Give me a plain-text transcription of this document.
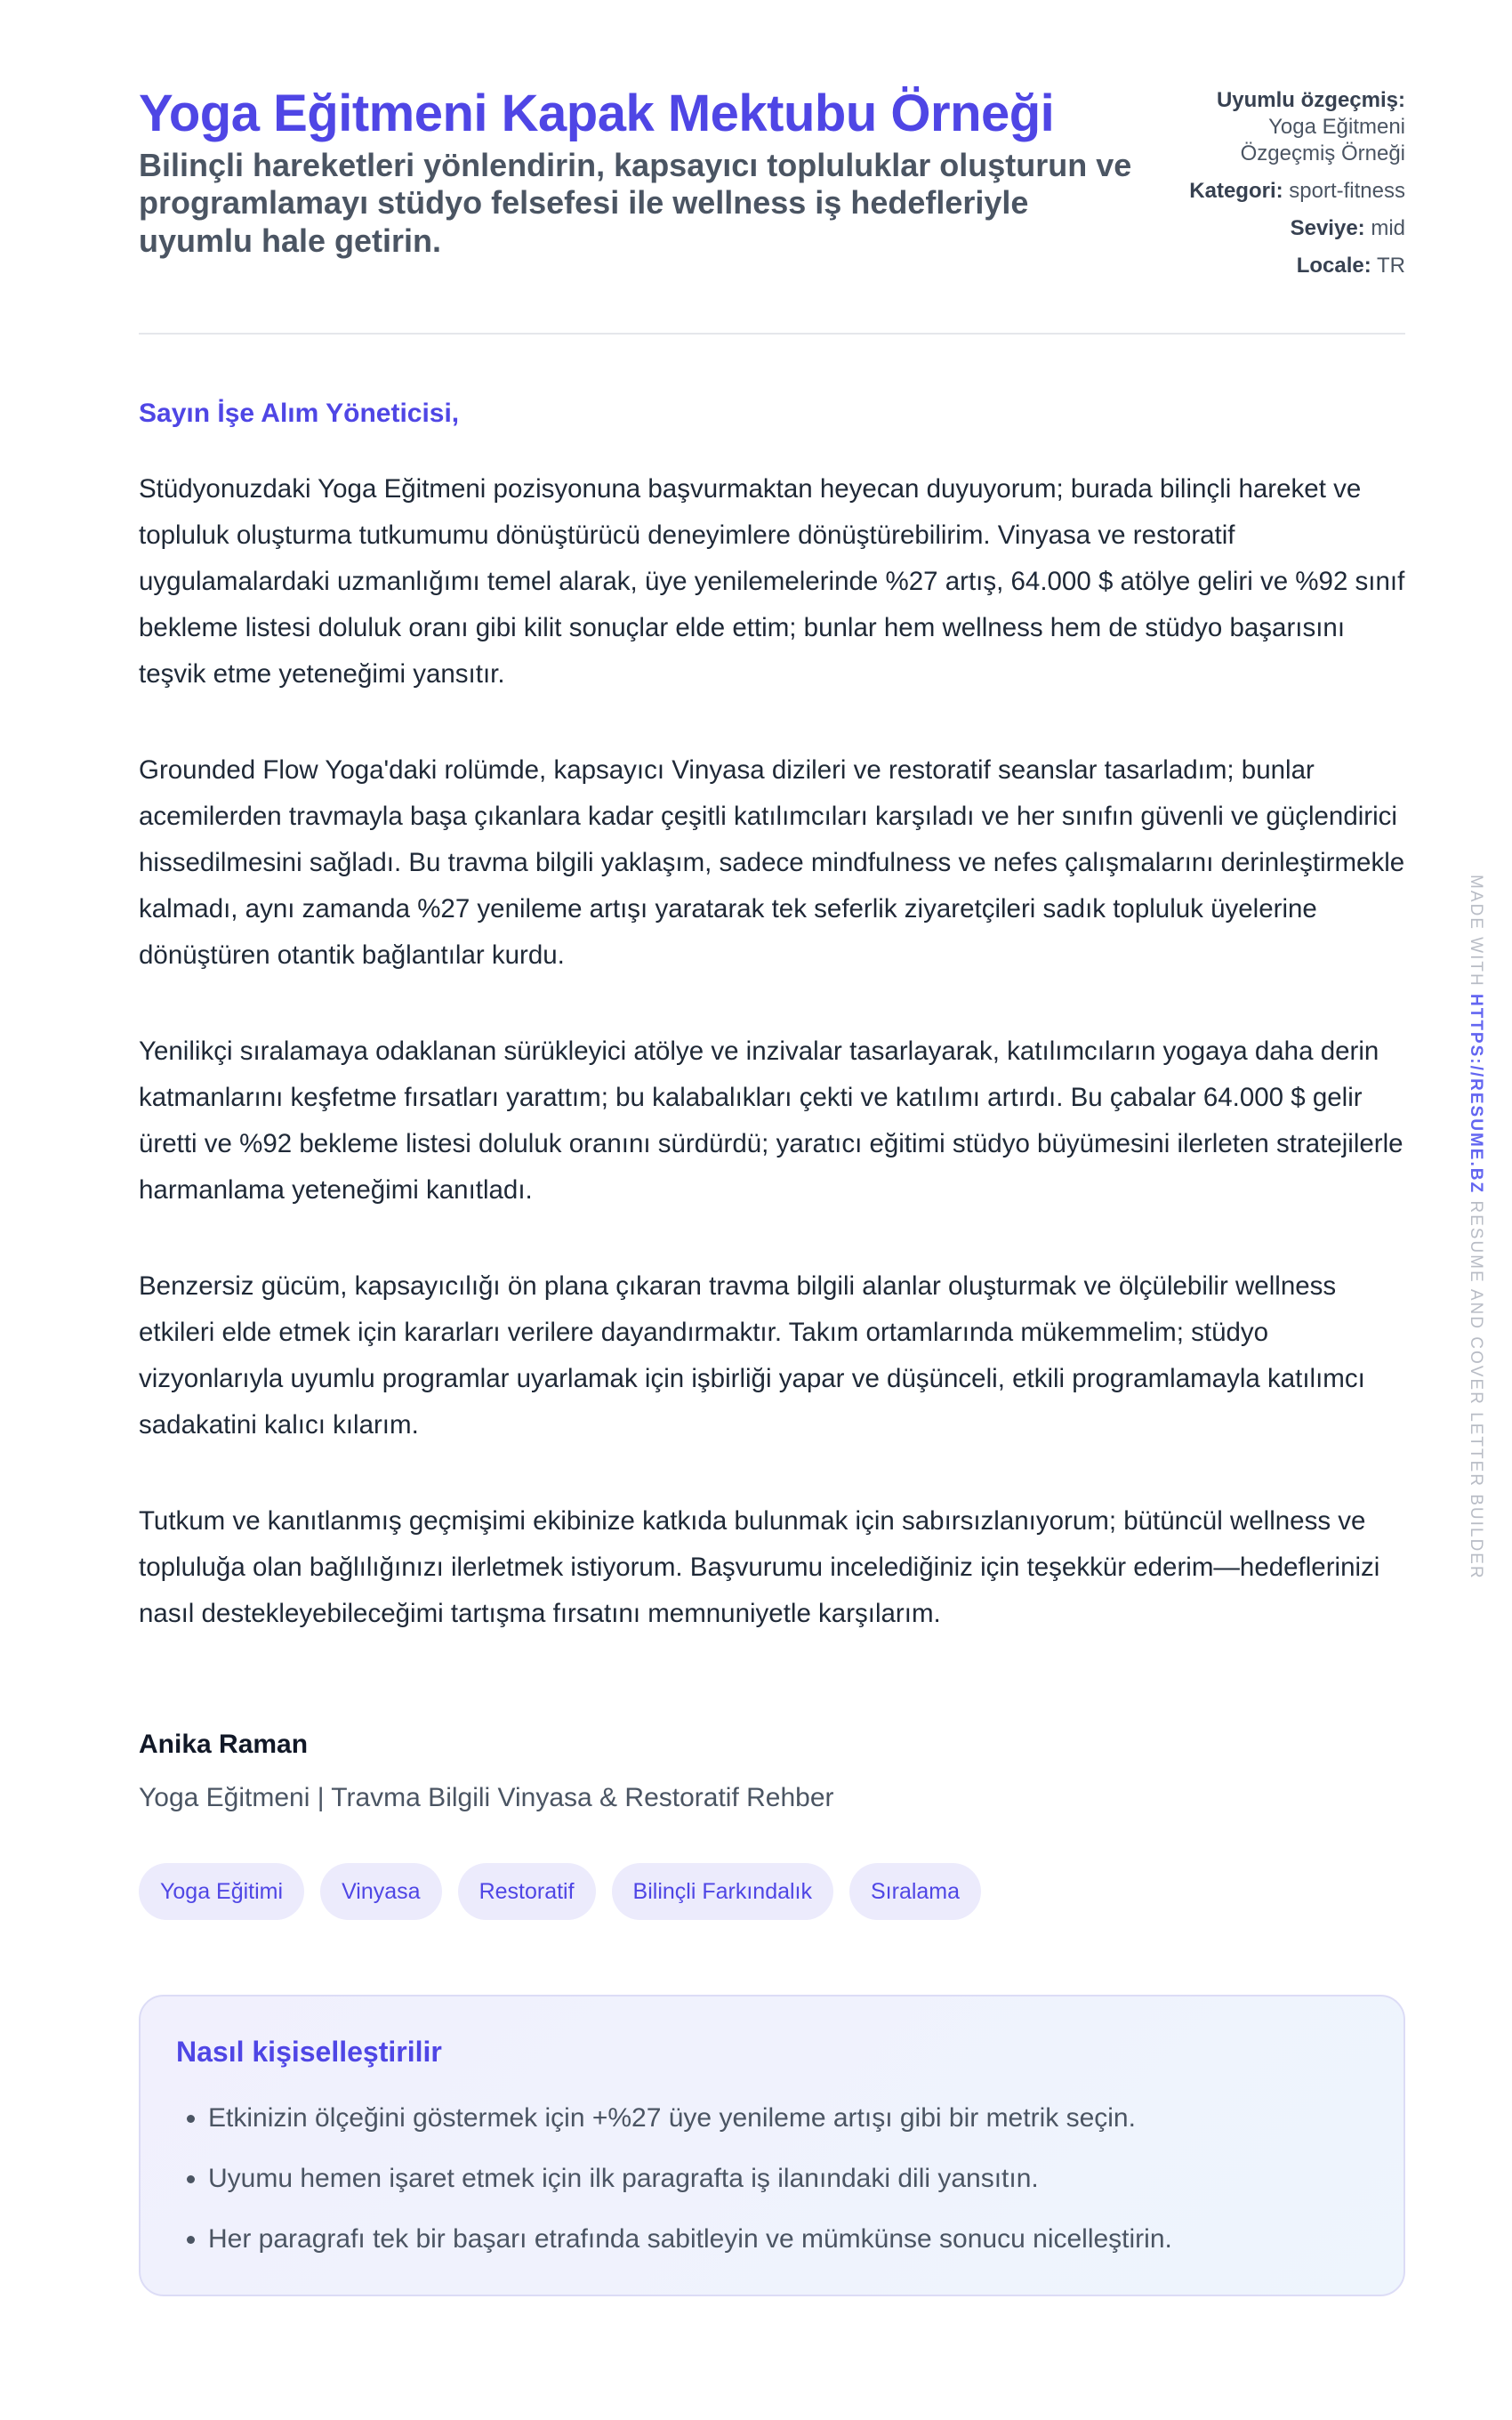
Yoga Eğitmeni Kapak Mektubu Örneği

Bilinçli hareketleri yönlendirin, kapsayıcı topluluklar oluşturun ve programlamayı stüdyo felsefesi ile wellness iş hedefleriyle uyumlu hale getirin.

Uyumlu özgeçmiş: Yoga Eğitmeni Özgeçmiş Örneği
Kategori: sport-fitness
Seviye: mid
Locale: TR
Sayın İşe Alım Yöneticisi,

Stüdyonuzdaki Yoga Eğitmeni pozisyonuna başvurmaktan heyecan duyuyorum; burada bilinçli hareket ve topluluk oluşturma tutkumumu dönüştürücü deneyimlere dönüştürebilirim. Vinyasa ve restoratif uygulamalardaki uzmanlığımı temel alarak, üye yenilemelerinde %27 artış, 64.000 $ atölye geliri ve %92 sınıf bekleme listesi doluluk oranı gibi kilit sonuçlar elde ettim; bunlar hem wellness hem de stüdyo başarısını teşvik etme yeteneğimi yansıtır.

Grounded Flow Yoga'daki rolümde, kapsayıcı Vinyasa dizileri ve restoratif seanslar tasarladım; bunlar acemilerden travmayla başa çıkanlara kadar çeşitli katılımcıları karşıladı ve her sınıfın güvenli ve güçlendirici hissedilmesini sağladı. Bu travma bilgili yaklaşım, sadece mindfulness ve nefes çalışmalarını derinleştirmekle kalmadı, aynı zamanda %27 yenileme artışı yaratarak tek seferlik ziyaretçileri sadık topluluk üyelerine dönüştüren otantik bağlantılar kurdu.

Yenilikçi sıralamaya odaklanan sürükleyici atölye ve inzivalar tasarlayarak, katılımcıların yogaya daha derin katmanlarını keşfetme fırsatları yarattım; bu kalabalıkları çekti ve katılımı artırdı. Bu çabalar 64.000 $ gelir üretti ve %92 bekleme listesi doluluk oranını sürdürdü; yaratıcı eğitimi stüdyo büyümesini ilerleten stratejilerle harmanlama yeteneğimi kanıtladı.

Benzersiz gücüm, kapsayıcılığı ön plana çıkaran travma bilgili alanlar oluşturmak ve ölçülebilir wellness etkileri elde etmek için kararları verilere dayandırmaktır. Takım ortamlarında mükemmelim; stüdyo vizyonlarıyla uyumlu programlar uyarlamak için işbirliği yapar ve düşünceli, etkili programlamayla katılımcı sadakatini kalıcı kılarım.

Tutkum ve kanıtlanmış geçmişimi ekibinize katkıda bulunmak için sabırsızlanıyorum; bütüncül wellness ve topluluğa olan bağlılığınızı ilerletmek istiyorum. Başvurumu incelediğiniz için teşekkür ederim—hedeflerinizi nasıl destekleyebileceğimi tartışma fırsatını memnuniyetle karşılarım.

Anika Raman
Yoga Eğitmeni | Travma Bilgili Vinyasa & Restoratif Rehber
Yoga Eğitimi	Vinyasa	Restoratif	Bilinçli Farkındalık	Sıralama
Nasıl kişiselleştirilir
• Etkinizin ölçeğini göstermek için +%27 üye yenileme artışı gibi bir metrik seçin.
• Uyumu hemen işaret etmek için ilk paragrafta iş ilanındaki dili yansıtın.
• Her paragrafı tek bir başarı etrafında sabitleyin ve mümkünse sonucu nicelleştirin.
MADE WITH HTTPS://RESUME.BZ RESUME AND COVER LETTER BUILDER
